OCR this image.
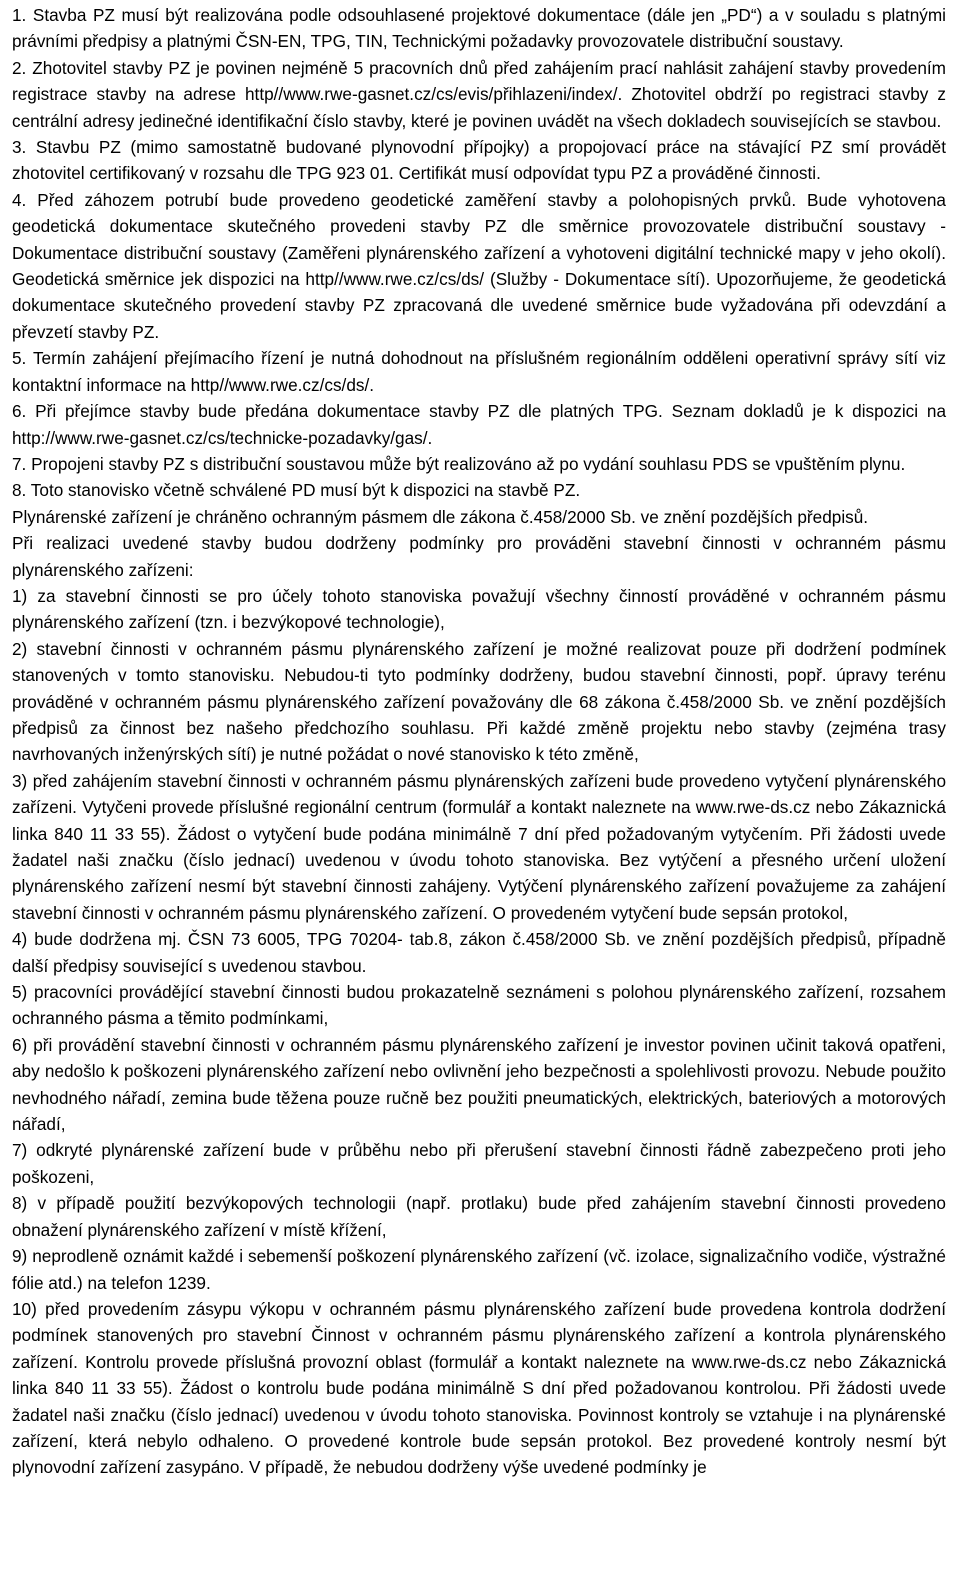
1. Stavba PZ musí být realizována podle odsouhlasené projektové dokumentace (dále jen „PD“) a v souladu s platnými právními předpisy a platnými ČSN-EN, TPG, TIN, Technickými požadavky provozovatele distribuční soustavy.

2. Zhotovitel stavby PZ je povinen nejméně 5 pracovních dnů před zahájením prací nahlásit zahájení stavby provedením registrace stavby na adrese http//www.rwe-gasnet.cz/cs/evis/přihlazeni/index/. Zhotovitel obdrží po registraci stavby z centrální adresy jedinečné identifikační číslo stavby, které je povinen uvádět na všech dokladech souvisejících se stavbou.

3. Stavbu PZ (mimo samostatně budované plynovodní přípojky) a propojovací práce na stávající PZ smí provádět zhotovitel certifikovaný v rozsahu dle TPG 923 01. Certifikát musí odpovídat typu PZ a prováděné činnosti.

4. Před záhozem potrubí bude provedeno geodetické zaměření stavby a polohopisných prvků. Bude vyhotovena geodetická dokumentace skutečného provedeni stavby PZ dle směrnice provozovatele distribuční soustavy - Dokumentace distribuční soustavy (Zaměřeni plynárenského zařízení a vyhotoveni digitální technické mapy v jeho okolí). Geodetická směrnice jek dispozici na http//www.rwe.cz/cs/ds/ (Služby - Dokumentace sítí). Upozorňujeme, že geodetická dokumentace skutečného provedení stavby PZ zpracovaná dle uvedené směrnice bude vyžadována při odevzdání a převzetí stavby PZ.

5. Termín zahájení přejímacího řízení je nutná dohodnout na příslušném regionálním odděleni operativní správy sítí viz kontaktní informace na http//www.rwe.cz/cs/ds/.

6. Při přejímce stavby bude předána dokumentace stavby PZ dle platných TPG. Seznam dokladů je k dispozici na http://www.rwe-gasnet.cz/cs/technicke-pozadavky/gas/.

7. Propojeni stavby PZ s distribuční soustavou může být realizováno až po vydání souhlasu PDS se vpuštěním plynu.

8. Toto stanovisko včetně schválené PD musí být k dispozici na stavbě PZ.

Plynárenské zařízení je chráněno ochranným pásmem dle zákona č.458/2000 Sb. ve znění pozdějších předpisů.

Při realizaci uvedené stavby budou dodrženy podmínky pro prováděni stavební činnosti v ochranném pásmu plynárenského zařízeni:

1) za stavební činnosti se pro účely tohoto stanoviska považují všechny činností prováděné v ochranném pásmu plynárenského zařízení (tzn. i bezvýkopové technologie),

2) stavební činnosti v ochranném pásmu plynárenského zařízení je možné realizovat pouze při dodržení podmínek stanovených v tomto stanovisku. Nebudou-ti tyto podmínky dodrženy, budou stavební činnosti, popř. úpravy terénu prováděné v ochranném pásmu plynárenského zařízení považovány dle 68 zákona č.458/2000 Sb. ve znění pozdějších předpisů za činnost bez našeho předchozího souhlasu. Při každé změně projektu nebo stavby (zejména trasy navrhovaných inženýrských sítí) je nutné požádat o nové stanovisko k této změně,

3) před zahájením stavební činnosti v ochranném pásmu plynárenských zařízeni bude provedeno vytyčení plynárenského zařízeni. Vytyčeni provede příslušné regionální centrum (formulář a kontakt naleznete na www.rwe-ds.cz nebo Zákaznická linka 840 11 33 55). Žádost o vytyčení bude podána minimálně 7 dní před požadovaným vytyčením. Při žádosti uvede žadatel naši značku (číslo jednací) uvedenou v úvodu tohoto stanoviska. Bez vytýčení a přesného určení uložení plynárenského zařízení nesmí být stavební činnosti zahájeny. Vytýčení plynárenského zařízení považujeme za zahájení stavební činnosti v ochranném pásmu plynárenského zařízení. O provedeném vytyčení bude sepsán protokol,

4) bude dodržena mj. ČSN 73 6005, TPG 70204- tab.8, zákon č.458/2000 Sb. ve znění pozdějších předpisů, případně další předpisy související s uvedenou stavbou.

5) pracovníci provádějící stavební činnosti budou prokazatelně seznámeni s polohou plynárenského zařízení, rozsahem ochranného pásma a těmito podmínkami,

6) při provádění stavební činnosti v ochranném pásmu plynárenského zařízení je investor povinen učinit taková opatřeni, aby nedošlo k poškozeni plynárenského zařízení nebo ovlivnění jeho bezpečnosti a spolehlivosti provozu. Nebude použito nevhodného nářadí, zemina bude těžena pouze ručně bez použiti pneumatických, elektrických, bateriových a motorových nářadí,

7) odkryté plynárenské zařízení bude v průběhu nebo při přerušení stavební činnosti řádně zabezpečeno proti jeho poškozeni,

8) v případě použití bezvýkopových technologii (např. protlaku) bude před zahájením stavební činnosti provedeno obnažení plynárenského zařízení v místě křížení,

9) neprodleně oznámit každé i sebemenší poškození plynárenského zařízení (vč. izolace, signalizačního vodiče, výstražné fólie atd.) na telefon 1239.

10) před provedením zásypu výkopu v ochranném pásmu plynárenského zařízení bude provedena kontrola dodržení podmínek stanovených pro stavební Činnost v ochranném pásmu plynárenského zařízení a kontrola plynárenského zařízení. Kontrolu provede příslušná provozní oblast (formulář a kontakt naleznete na www.rwe-ds.cz nebo Zákaznická linka 840 11 33 55). Žádost o kontrolu bude podána minimálně S dní před požadovanou kontrolou. Při žádosti uvede žadatel naši značku (číslo jednací) uvedenou v úvodu tohoto stanoviska. Povinnost kontroly se vztahuje i na plynárenské zařízení, která nebylo odhaleno. O provedené kontrole bude sepsán protokol. Bez provedené kontroly nesmí být plynovodní zařízení zasypáno. V případě, že nebudou dodrženy výše uvedené podmínky je
